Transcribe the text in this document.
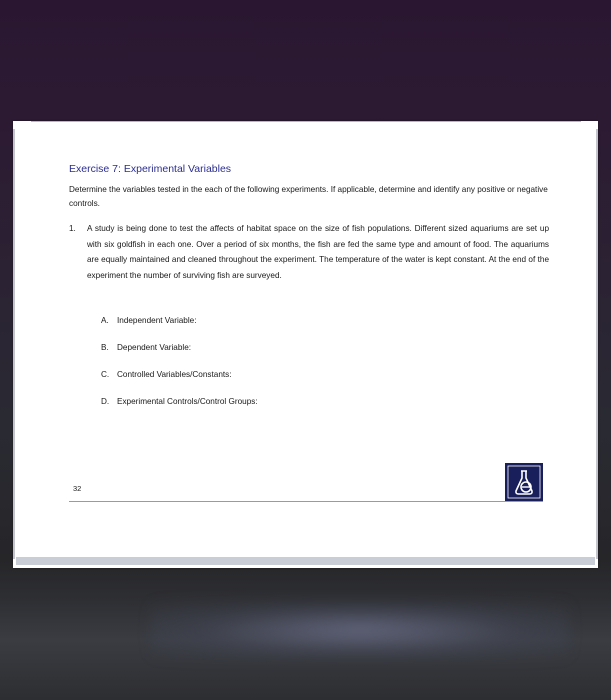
Exercise 7: Experimental Variables
Determine the variables tested in the each of the following experiments. If applicable, determine and identify any positive or negative controls.
1. A study is being done to test the affects of habitat space on the size of fish populations. Different sized aquariums are set up with six goldfish in each one. Over a period of six months, the fish are fed the same type and amount of food. The aquariums are equally maintained and cleaned throughout the experiment. The temperature of the water is kept constant. At the end of the experiment the number of surviving fish are surveyed.
A. Independent Variable:
B. Dependent Variable:
C. Controlled Variables/Constants:
D. Experimental Controls/Control Groups:
32
